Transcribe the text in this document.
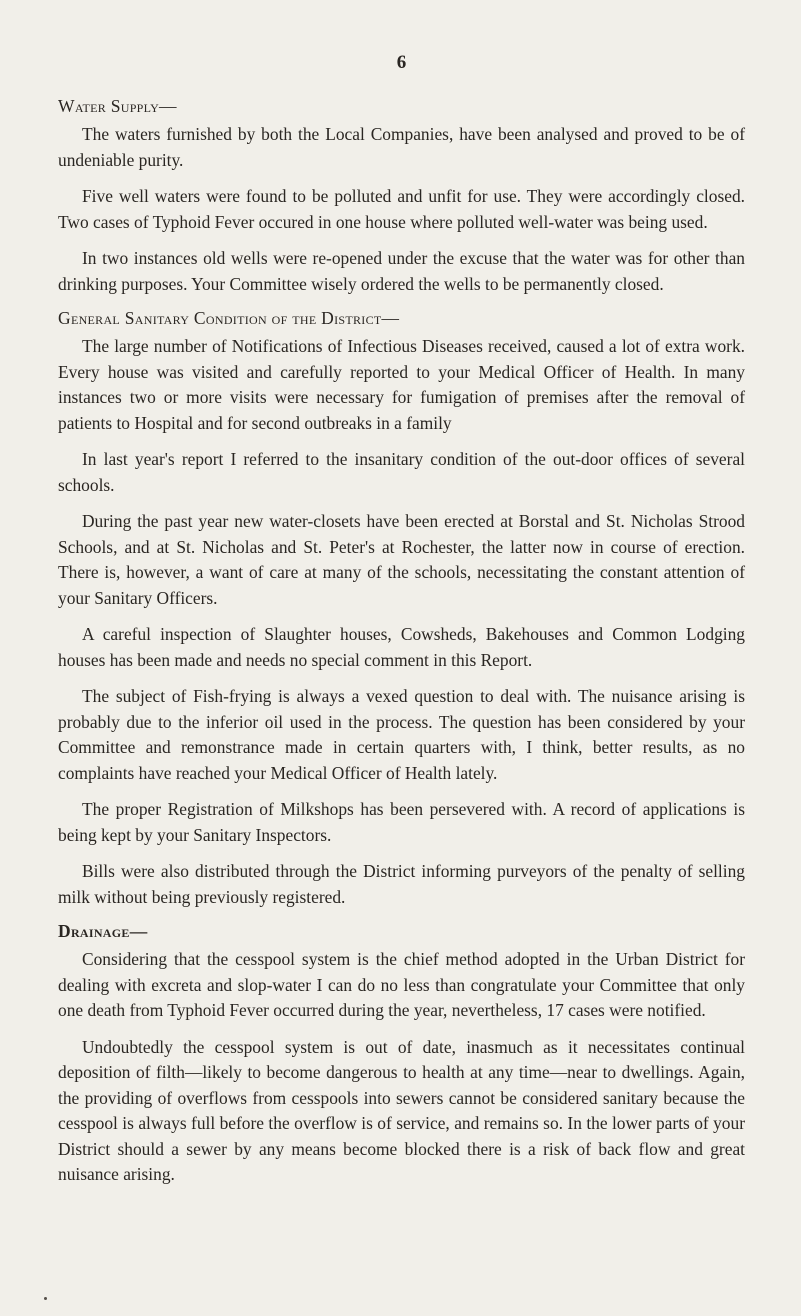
6
Water Supply—

The waters furnished by both the Local Companies, have been analysed and proved to be of undeniable purity.

Five well waters were found to be polluted and unfit for use. They were accordingly closed. Two cases of Typhoid Fever occured in one house where polluted well-water was being used.

In two instances old wells were re-opened under the excuse that the water was for other than drinking purposes. Your Committee wisely ordered the wells to be permanently closed.

General Sanitary Condition of the District—

The large number of Notifications of Infectious Diseases received, caused a lot of extra work. Every house was visited and carefully reported to your Medical Officer of Health. In many instances two or more visits were necessary for fumigation of premises after the removal of patients to Hospital and for second outbreaks in a family

In last year's report I referred to the insanitary condition of the out-door offices of several schools.

During the past year new water-closets have been erected at Borstal and St. Nicholas Strood Schools, and at St. Nicholas and St. Peter's at Rochester, the latter now in course of erection. There is, however, a want of care at many of the schools, necessitating the constant attention of your Sanitary Officers.

A careful inspection of Slaughter houses, Cowsheds, Bakehouses and Common Lodging houses has been made and needs no special comment in this Report.

The subject of Fish-frying is always a vexed question to deal with. The nuisance arising is probably due to the inferior oil used in the process. The question has been considered by your Committee and remonstrance made in certain quarters with, I think, better results, as no complaints have reached your Medical Officer of Health lately.

The proper Registration of Milkshops has been persevered with. A record of applications is being kept by your Sanitary Inspectors.

Bills were also distributed through the District informing purveyors of the penalty of selling milk without being previously registered.

Drainage—

Considering that the cesspool system is the chief method adopted in the Urban District for dealing with excreta and slop-water I can do no less than congratulate your Committee that only one death from Typhoid Fever occurred during the year, nevertheless, 17 cases were notified.

Undoubtedly the cesspool system is out of date, inasmuch as it necessitates continual deposition of filth—likely to become dangerous to health at any time—near to dwellings. Again, the providing of overflows from cesspools into sewers cannot be considered sanitary because the cesspool is always full before the overflow is of service, and remains so. In the lower parts of your District should a sewer by any means become blocked there is a risk of back flow and great nuisance arising.
